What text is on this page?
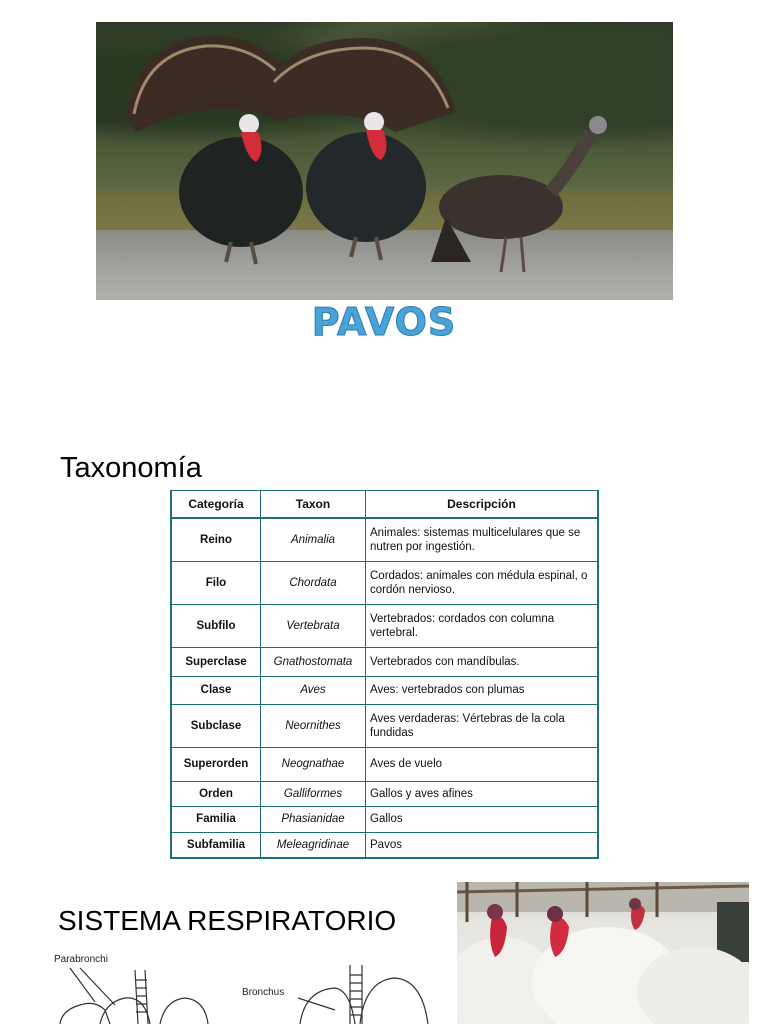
PAVOS
Taxonomía
Categoría	Taxon	Descripción
Reino	Animalia	Animales: sistemas multicelulares que se nutren por ingestión.
Filo	Chordata	Cordados: animales con médula espinal, o cordón nervioso.
Subfilo	Vertebrata	Vertebrados: cordados con columna vertebral.
Superclase	Gnathostomata	Vertebrados con mandíbulas.
Clase	Aves	Aves: vertebrados con plumas
Subclase	Neornithes	Aves verdaderas: Vértebras de la cola fundidas
Superorden	Neognathae	Aves de vuelo
Orden	Galliformes	Gallos y aves afines
Familia	Phasianidae	Gallos
Subfamilia	Meleagridinae	Pavos
SISTEMA RESPIRATORIO
Parabronchi
Bronchus
